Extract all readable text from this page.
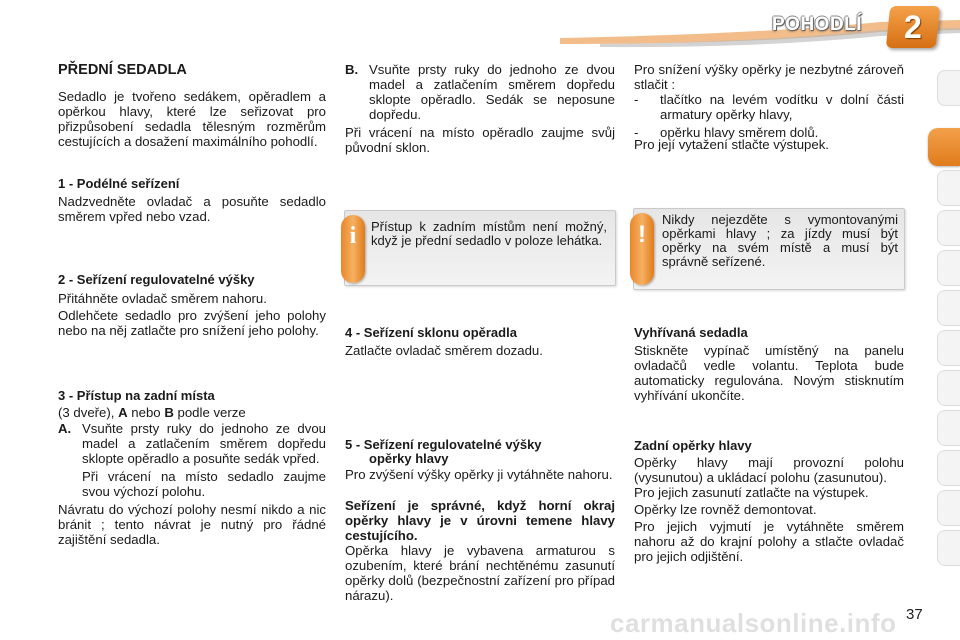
POHODLÍ 2
PŘEDNÍ SEDADLA

Sedadlo je tvořeno sedákem, opěradlem a opěrkou hlavy, které lze seřizovat pro přizpůsobení sedadla tělesným rozměrům cestujících a dosažení maximálního pohodlí.

1 - Podélné seřízení

Nadzvedněte ovladač a posuňte sedadlo směrem vpřed nebo vzad.

2 - Seřízení regulovatelné výšky

Přitáhněte ovladač směrem nahoru.

Odlehčete sedadlo pro zvýšení jeho polohy nebo na něj zatlačte pro snížení jeho polohy.

3 - Přístup na zadní místa

(3 dveře), A nebo B podle verze

A. Vsuňte prsty ruky do jednoho ze dvou madel a zatlačením směrem dopředu sklopte opěradlo a posuňte sedák vpřed.

Při vrácení na místo sedadlo zaujme svou výchozí polohu.

Návratu do výchozí polohy nesmí nikdo a nic bránit ; tento návrat je nutný pro řádné zajištění sedadla.

B. Vsuňte prsty ruky do jednoho ze dvou madel a zatlačením směrem dopředu sklopte opěradlo. Sedák se neposune dopředu.

Při vrácení na místo opěradlo zaujme svůj původní sklon.

i	Přístup k zadním místům není možný, když je přední sedadlo v poloze lehátka.

4 - Seřízení sklonu opěradla

Zatlačte ovladač směrem dozadu.

5 - Seřízení regulovatelné výšky
opěrky hlavy

Pro zvýšení výšky opěrky ji vytáhněte nahoru.

Seřízení je správné, když horní okraj opěrky hlavy je v úrovni temene hlavy cestujícího.

Opěrka hlavy je vybavena armaturou s ozubením, které brání nechtěnému zasunutí opěrky dolů (bezpečnostní zařízení pro případ nárazu).

Pro snížení výšky opěrky je nezbytné zároveň stlačit :

- tlačítko na levém vodítku v dolní části armatury opěrky hlavy,
- opěrku hlavy směrem dolů.

Pro její vytažení stlačte výstupek.

!

Nikdy nejezděte s vymontovanými opěrkami hlavy ; za jízdy musí být opěrky na svém místě a musí být správně seřízené.

Vyhřívaná sedadla

Stiskněte vypínač umístěný na panelu ovladačů vedle volantu. Teplota bude automaticky regulována. Novým stisknutím vyhřívání ukončíte.

Zadní opěrky hlavy

Opěrky hlavy mají provozní polohu (vysunutou) a ukládací polohu (zasunutou).

Pro jejich zasunutí zatlačte na výstupek.

Opěrky lze rovněž demontovat.

Pro jejich vyjmutí je vytáhněte směrem nahoru až do krajní polohy a stlačte ovladač pro jejich odjištění.

37
carmanualsonline.info
